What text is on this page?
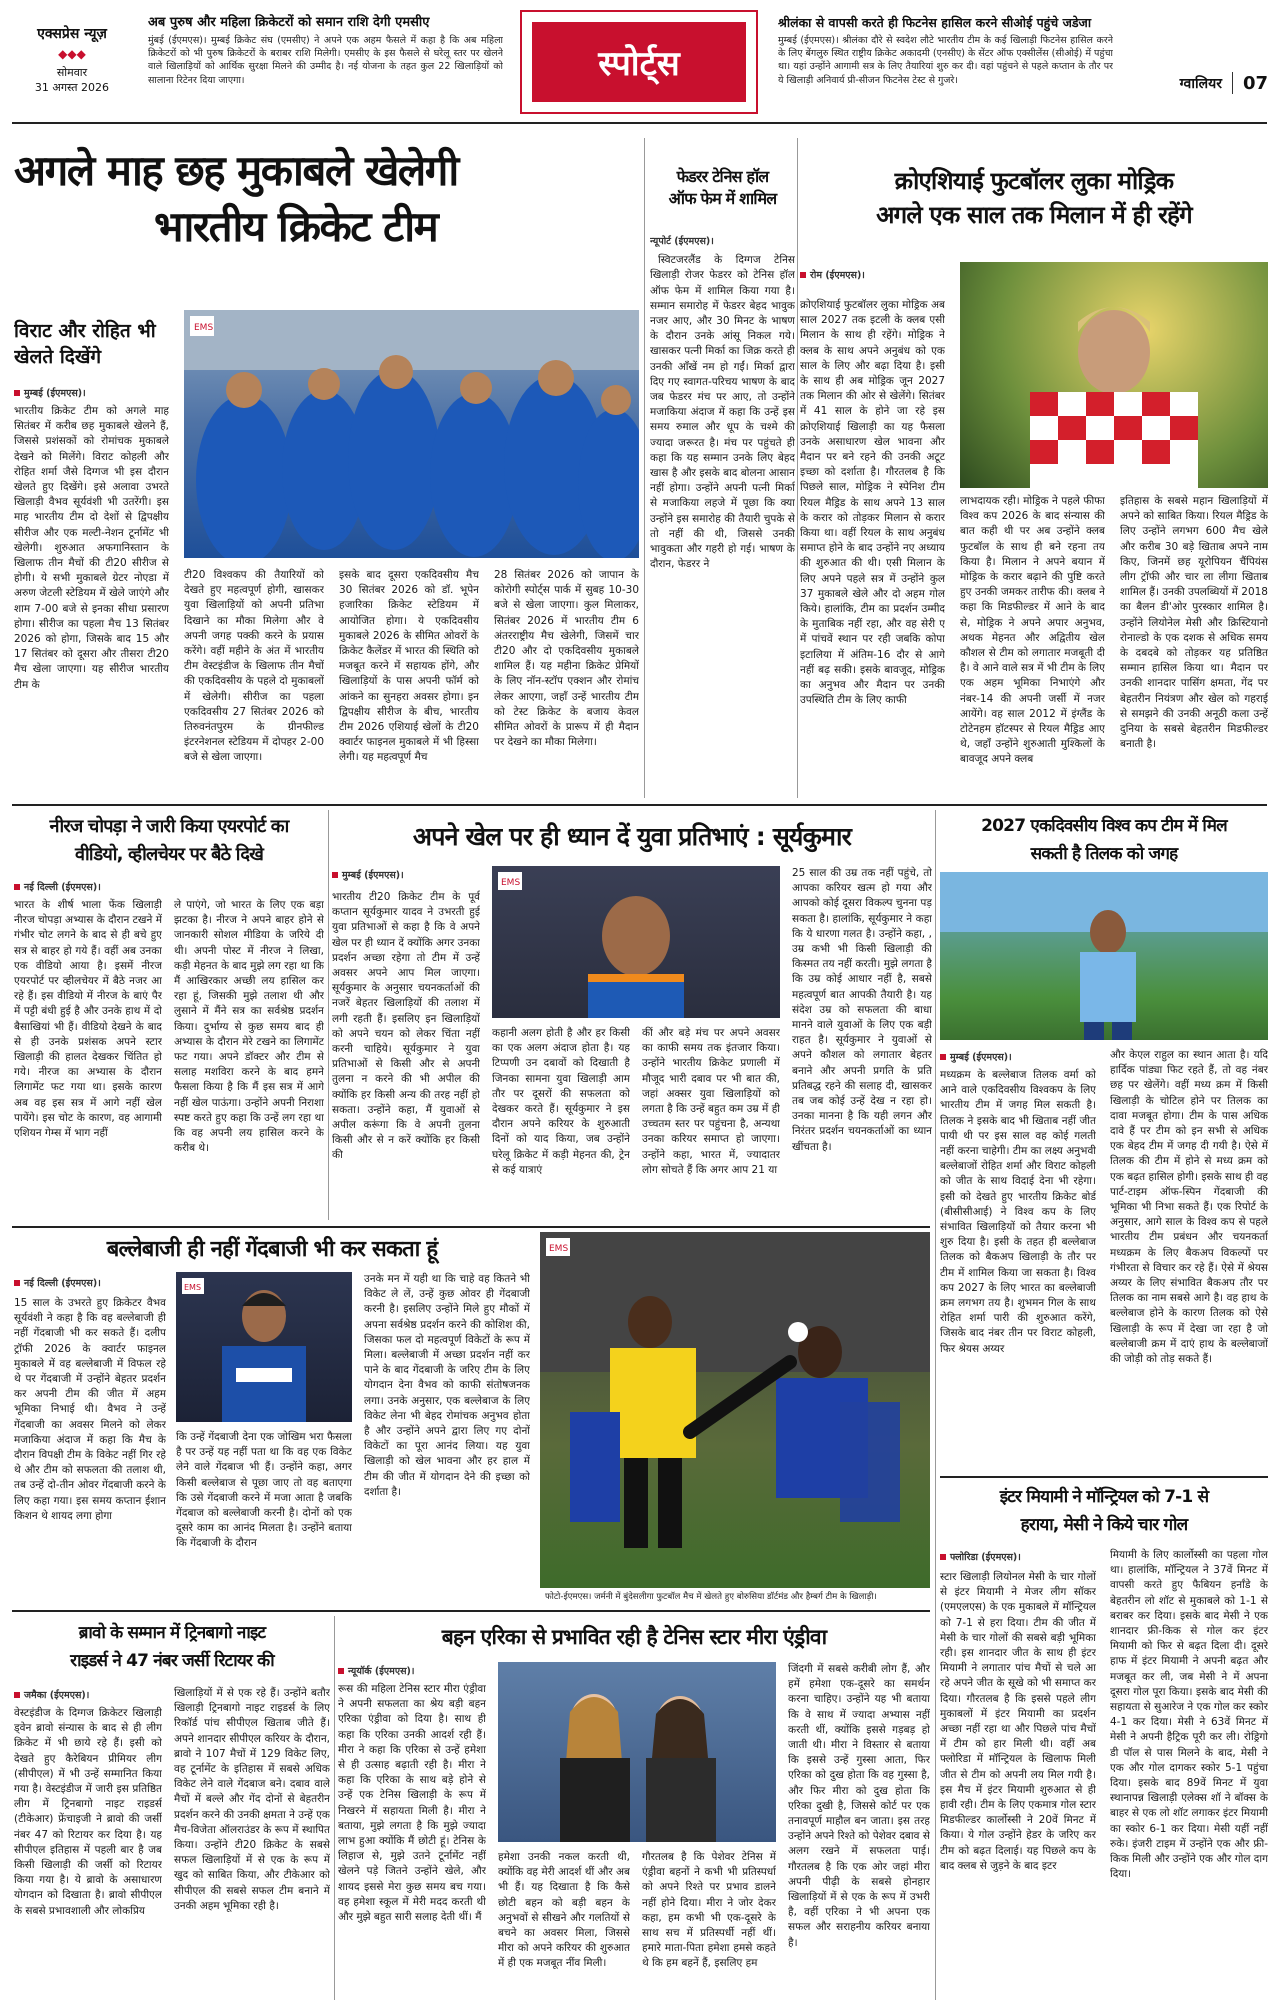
एक्सप्रेस न्यूज़
◆◆◆
सोमवार
31 अगस्त 2026
अब पुरुष और महिला क्रिकेटरों को समान राशि देगी एमसीए
मुंबई (ईएमएस)। मुम्बई क्रिकेट संघ (एमसीए) ने अपने एक अहम फैसले में कहा है कि अब महिला क्रिकेटरों को भी पुरुष क्रिकेटरों के बराबर राशि मिलेगी। एमसीए के इस फैसले से घरेलू स्तर पर खेलने वाले खिलाड़ियों को आर्थिक सुरक्षा मिलने की उम्मीद है। नई योजना के तहत कुल 22 खिलाड़ियों को सालाना रिटेनर दिया जाएगा।	स्पोर्ट्स
श्रीलंका से वापसी करते ही फिटनेस हासिल करने सीओई पहुंचे जडेजा
मुम्बई (ईएमएस)। श्रीलंका दौरे से स्वदेश लौटे भारतीय टीम के कई खिलाड़ी फिटनेस हासिल करने के लिए बेंगलुरु स्थित राष्ट्रीय क्रिकेट अकादमी (एनसीए) के सेंटर ऑफ एक्सीलेंस (सीओई) में पहुंचा था। यहां उन्होंने आगामी सत्र के लिए तैयारियां शुरु कर दी। वहां पहुंचने से पहले कप्तान के तौर पर ये खिलाड़ी अनिवार्य प्री-सीजन फिटनेस टेस्ट से गुजरे।	ग्वालियर 07
अगले माह छह मुकाबले खेलेगी
भारतीय क्रिकेट टीम
विराट और रोहित भी खेलते दिखेंगे
मुम्बई (ईएमएस)।
भारतीय क्रिकेट टीम को अगले माह सितंबर में करीब छह मुकाबले खेलने हैं, जिससे प्रशंसकों को रोमांचक मुकाबले देखने को मिलेंगे। विराट कोहली और रोहित शर्मा जैसे दिग्गज भी इस दौरान खेलते हुए दिखेंगे। इसे अलावा उभरते खिलाड़ी वैभव सूर्यवंशी भी उतरेंगी। इस माह भारतीय टीम दो देशों से द्विपक्षीय सीरीज और एक मल्टी-नेशन टूर्नामेंट भी खेलेगी। शुरुआत अफगानिस्तान के खिलाफ तीन मैचों की टी20 सीरीज से होगी। ये सभी मुकाबले ग्रेटर नोएडा में अरुण जेटली स्टेडियम में खेले जाएंगे और शाम 7-00 बजे से इनका सीधा प्रसारण होगा। सीरीज का पहला मैच 13 सितंबर 2026 को होगा, जिसके बाद 15 और 17 सितंबर को दूसरा और तीसरा टी20 मैच खेला जाएगा। यह सीरीज भारतीय टीम के
EMS
टी20 विश्वकप की तैयारियों को देखते हुए महत्वपूर्ण होगी, खासकर युवा खिलाड़ियों को अपनी प्रतिभा दिखाने का मौका मिलेगा और वे अपनी जगह पक्की करने के प्रयास करेंगे। वहीं महीने के अंत में भारतीय टीम वेस्टइंडीज के खिलाफ तीन मैचों की एकदिवसीय के पहले दो मुकाबलों में खेलेगी। सीरीज का पहला एकदिवसीय 27 सितंबर 2026 को तिरुवनंतपुरम के ग्रीनफील्ड इंटरनेशनल स्टेडियम में दोपहर 2-00 बजे से खेला जाएगा।
इसके बाद दूसरा एकदिवसीय मैच 30 सितंबर 2026 को डॉ. भूपेन हजारिका क्रिकेट स्टेडियम में आयोजित होगा। ये एकदिवसीय मुकाबले 2026 के सीमित ओवरों के क्रिकेट कैलेंडर में भारत की स्थिति को मजबूत करने में सहायक होंगे, और खिलाड़ियों के पास अपनी फॉर्म को आंकने का सुनहरा अवसर होगा। इन द्विपक्षीय सीरीज के बीच, भारतीय टीम 2026 एशियाई खेलों के टी20 क्वार्टर फाइनल मुकाबले में भी हिस्सा लेगी। यह महत्वपूर्ण मैच
28 सितंबर 2026 को जापान के कोरोगी स्पोर्ट्स पार्क में सुबह 10-30 बजे से खेला जाएगा। कुल मिलाकर, सितंबर 2026 में भारतीय टीम 6 अंतरराष्ट्रीय मैच खेलेगी, जिसमें चार टी20 और दो एकदिवसीय मुकाबले शामिल हैं। यह महीना क्रिकेट प्रेमियों के लिए नॉन-स्टॉप एक्शन और रोमांच लेकर आएगा, जहाँ उन्हें भारतीय टीम को टेस्ट क्रिकेट के बजाय केवल सीमित ओवरों के प्रारूप में ही मैदान पर देखने का मौका मिलेगा।
फेडरर टेनिस हॉल
ऑफ फेम में शामिल
न्यूपोर्ट (ईएमएस)।

स्विटजरलैंड के दिग्गज टेनिस खिलाड़ी रोजर फेडरर को टेनिस हॉल ऑफ फेम में शामिल किया गया है। सम्मान समारोह में फेडरर बेहद भावुक नजर आए, और 30 मिनट के भाषण के दौरान उनके आंसू निकल गये। खासकर पत्नी मिर्का का जिक्र करते ही उनकी आँखें नम हो गईं। मिर्का द्वारा दिए गए स्वागत-परिचय भाषण के बाद जब फेडरर मंच पर आए, तो उन्होंने मजाकिया अंदाज में कहा कि उन्हें इस समय रुमाल और धूप के चश्मे की ज्यादा जरूरत है। मंच पर पहुंचते ही कहा कि यह सम्मान उनके लिए बेहद खास है और इसके बाद बोलना आसान नहीं होगा। उन्होंने अपनी पत्नी मिर्का से मजाकिया लहजे में पूछा कि क्या उन्होंने इस समारोह की तैयारी चुपके से तो नहीं की थी, जिससे उनकी भावुकता और गहरी हो गई। भाषण के दौरान, फेडरर ने

क्रोएशियाई फुटबॉलर लुका मोड्रिक
अगले एक साल तक मिलान में ही रहेंगे
रोम (ईएमएस)।
क्रोएशियाई फुटबॉलर लुका मोड्रिक अब साल 2027 तक इटली के क्लब एसी मिलान के साथ ही रहेंगे। मोड्रिक ने क्लब के साथ अपने अनुबंध को एक साल के लिए और बढ़ा दिया है। इसी के साथ ही अब मोड्रिक जून 2027 तक मिलान की ओर से खेलेंगे। सितंबर में 41 साल के होने जा रहे इस क्रोएशियाई खिलाड़ी का यह फैसला उनके असाधारण खेल भावना और मैदान पर बने रहने की उनकी अटूट इच्छा को दर्शाता है। गौरतलब है कि पिछले साल, मोड्रिक ने स्पेनिश टीम रियल मैड्रिड के साथ अपने 13 साल के करार को तोड़कर मिलान से करार किया था। वहीं रियल के साथ अनुबंध समाप्त होने के बाद उन्होंने नए अध्याय की शुरुआत की थी। एसी मिलान के लिए अपने पहले सत्र में उन्होंने कुल 37 मुकाबले खेले और दो अहम गोल किये। हालांकि, टीम का प्रदर्शन उम्मीद के मुताबिक नहीं रहा, और वह सेरी ए में पांचवें स्थान पर रही जबकि कोपा इटालिया में अंतिम-16 दौर से आगे नहीं बढ़ सकी। इसके बावजूद, मोड्रिक का अनुभव और मैदान पर उनकी उपस्थिति टीम के लिए काफी
लाभदायक रही। मोड्रिक ने पहले फीफा विश्व कप 2026 के बाद संन्यास की बात कही थी पर अब उन्होंने क्लब फुटबॉल के साथ ही बने रहना तय किया है। मिलान ने अपने बयान में मोड्रिक के करार बढ़ाने की पुष्टि करते हुए उनकी जमकर तारीफ की। क्लब ने कहा कि मिडफील्डर में आने के बाद से, मोड्रिक ने अपने अपार अनुभव, अथक मेहनत और अद्वितीय खेल कौशल से टीम को लगातार मजबूती दी है। वे आने वाले सत्र में भी टीम के लिए एक अहम भूमिका निभाएंगे और नंबर-14 की अपनी जर्सी में नजर आयेंगे। वह साल 2012 में इंग्लैंड के टोटेनहम हॉटस्पर से रियल मैड्रिड आए थे, जहाँ उन्होंने शुरुआती मुश्किलों के बावजूद अपने क्लब
इतिहास के सबसे महान खिलाड़ियों में अपने को साबित किया। रियल मैड्रिड के लिए उन्होंने लगभग 600 मैच खेले और करीब 30 बड़े खिताब अपने नाम किए, जिनमें छह यूरोपियन चैंपियंस लीग ट्रॉफी और चार ला लीगा खिताब शामिल हैं। उनकी उपलब्धियों में 2018 का बैलन डी'ओर पुरस्कार शामिल है। उन्होंने लियोनेल मेसी और क्रिस्टियानो रोनाल्डो के एक दशक से अधिक समय के दबदबे को तोड़कर यह प्रतिष्ठित सम्मान हासिल किया था। मैदान पर उनकी शानदार पासिंग क्षमता, गेंद पर बेहतरीन नियंत्रण और खेल को गहराई से समझने की उनकी अनूठी कला उन्हें दुनिया के सबसे बेहतरीन मिडफील्डर बनाती है।
नीरज चोपड़ा ने जारी किया एयरपोर्ट का
वीडियो, व्हीलचेयर पर बैठे दिखे
नई दिल्ली (ईएमएस)।
भारत के शीर्ष भाला फेंक खिलाड़ी नीरज चोपड़ा अभ्यास के दौरान टखने में गंभीर चोट लगने के बाद से ही बचे हुए सत्र से बाहर हो गये हैं। वहीं अब उनका एक वीडियो आया है। इसमें नीरज एयरपोर्ट पर व्हीलचेयर में बैठे नजर आ रहे हैं। इस वीडियो में नीरज के बाएं पैर में पट्टी बंधी हुई है और उनके हाथ में दो बैसाखियां भी हैं। वीडियो देखने के बाद से ही उनके प्रशंसक अपने स्टार खिलाड़ी की हालत देखकर चिंतित हो गये। नीरज का अभ्यास के दौरान लिगामेंट फट गया था। इसके कारण अब वह इस सत्र में आगे नहीं खेल पायेंगे। इस चोट के कारण, वह आगामी एशियन गेम्स में भाग नहीं
ले पाएंगे, जो भारत के लिए एक बड़ा झटका है। नीरज ने अपने बाहर होने से जानकारी सोशल मीडिया के जरिये दी थी। अपनी पोस्ट में नीरज ने लिखा, कड़ी मेहनत के बाद मुझे लग रहा था कि मैं आखिरकार अच्छी लय हासिल कर रहा हूं, जिसकी मुझे तलाश थी और लुसाने में मैंने सत्र का सर्वश्रेष्ठ प्रदर्शन किया। दुर्भाग्य से कुछ समय बाद ही अभ्यास के दौरान मेरे टखने का लिगामेंट फट गया। अपने डॉक्टर और टीम से सलाह मशविरा करने के बाद हमने फैसला किया है कि मैं इस सत्र में आगे नहीं खेल पाऊंगा। उन्होंने अपनी निराशा स्पष्ट करते हुए कहा कि उन्हें लग रहा था कि वह अपनी लय हासिल करने के करीब थे।
अपने खेल पर ही ध्यान दें युवा प्रतिभाएं : सूर्यकुमार
मुम्बई (ईएमएस)।
भारतीय टी20 क्रिकेट टीम के पूर्व कप्तान सूर्यकुमार यादव ने उभरती हुई युवा प्रतिभाओं से कहा है कि वे अपने खेल पर ही ध्यान दें क्योंकि अगर उनका प्रदर्शन अच्छा रहेगा तो टीम में उन्हें अवसर अपने आप मिल जाएगा। सूर्यकुमार के अनुसार चयनकर्ताओं की नजरें बेहतर खिलाड़ियों की तलाश में लगी रहती हैं। इसलिए इन खिलाड़ियों को अपने चयन को लेकर चिंता नहीं करनी चाहिये। सूर्यकुमार ने युवा प्रतिभाओं से किसी और से अपनी तुलना न करने की भी अपील की क्योंकि हर किसी अन्य की तरह नहीं हो सकता। उन्होंने कहा, मैं युवाओं से अपील करूंगा कि वे अपनी तुलना किसी और से न करें क्योंकि हर किसी की
EMS
कहानी अलग होती है और हर किसी का एक अलग अंदाज होता है। यह टिप्पणी उन दबावों को दिखाती है जिनका सामना युवा खिलाड़ी आम तौर पर दूसरों की सफलता को देखकर करते हैं। सूर्यकुमार ने इस दौरान अपने करियर के शुरुआती दिनों को याद किया, जब उन्होंने घरेलू क्रिकेट में कड़ी मेहनत की, ट्रेन से कई यात्राएं
कीं और बड़े मंच पर अपने अवसर का काफी समय तक इंतजार किया। उन्होंने भारतीय क्रिकेट प्रणाली में मौजूद भारी दबाव पर भी बात की, जहां अक्सर युवा खिलाड़ियों को लगता है कि उन्हें बहुत कम उम्र में ही उच्चतम स्तर पर पहुंचना है, अन्यथा उनका करियर समाप्त हो जाएगा। उन्होंने कहा, भारत में, ज्यादातर लोग सोचते हैं कि अगर आप 21 या
25 साल की उम्र तक नहीं पहुंचे, तो आपका करियर खत्म हो गया और आपको कोई दूसरा विकल्प चुनना पड़ सकता है। हालांकि, सूर्यकुमार ने कहा कि ये धारणा गलत है। उन्होंने कहा, , उम्र कभी भी किसी खिलाड़ी की किस्मत तय नहीं करती। मुझे लगता है कि उम्र कोई आधार नहीं है, सबसे महत्वपूर्ण बात आपकी तैयारी है। यह संदेश उम्र को सफलता की बाधा मानने वाले युवाओं के लिए एक बड़ी राहत है। सूर्यकुमार ने युवाओं से अपने कौशल को लगातार बेहतर बनाने और अपनी प्रगति के प्रति प्रतिबद्ध रहने की सलाह दी, खासकर तब जब कोई उन्हें देख न रहा हो। उनका मानना है कि यही लगन और निरंतर प्रदर्शन चयनकर्ताओं का ध्यान खींचता है।
2027 एकदिवसीय विश्व कप टीम में मिल
सकती है तिलक को जगह
मुम्बई (ईएमएस)।
मध्यक्रम के बल्लेबाज तिलक वर्मा को आने वाले एकदिवसीय विश्वकप के लिए भारतीय टीम में जगह मिल सकती है। तिलक ने इसके बाद भी खिताब नहीं जीत पायी थी पर इस साल वह कोई गलती नहीं करना चाहेगी। टीम का लक्ष्य अनुभवी बल्लेबाजों रोहित शर्मा और विराट कोहली को जीत के साथ विदाई देना भी रहेगा। इसी को देखते हुए भारतीय क्रिकेट बोर्ड (बीसीसीआई) ने विश्व कप के लिए संभावित खिलाड़ियों को तैयार करना भी शुरु दिया है। इसी के तहत ही बल्लेबाज तिलक को बैकअप खिलाड़ी के तौर पर टीम में शामिल किया जा सकता है। विश्व कप 2027 के लिए भारत का बल्लेबाजी क्रम लगभग तय है। शुभमन गिल के साथ रोहित शर्मा पारी की शुरुआत करेंगे, जिसके बाद नंबर तीन पर विराट कोहली, फिर श्रेयस अय्यर
और केएल राहुल का स्थान आता है। यदि हार्दिक पांड्या फिट रहते हैं, तो वह नंबर छह पर खेलेंगे। वहीं मध्य क्रम में किसी खिलाड़ी के चोटिल होने पर तिलक का दावा मजबूत होगा। टीम के पास अधिक दावे हैं पर टीम को इन सभी से अधिक एक बेहद टीम में जगह दी गयी है। ऐसे में तिलक की टीम में होने से मध्य क्रम को एक बढ़त हासिल होगी। इसके साथ ही वह पार्ट-टाइम ऑफ-स्पिन गेंदबाजी की भूमिका भी निभा सकते हैं। एक रिपोर्ट के अनुसार, आगे साल के विश्व कप से पहले भारतीय टीम प्रबंधन और चयनकर्ता मध्यक्रम के लिए बैकअप विकल्पों पर गंभीरता से विचार कर रहे हैं। ऐसे में श्रेयस अय्यर के लिए संभावित बैकअप तौर पर तिलक का नाम सबसे आगे है। वह हाथ के बल्लेबाज होने के कारण तिलक को ऐसे खिलाड़ी के रूप में देखा जा रहा है जो बल्लेबाजी क्रम में दाएं हाथ के बल्लेबाजों की जोड़ी को तोड़ सकते हैं।
बल्लेबाजी ही नहीं गेंदबाजी भी कर सकता हूं
नई दिल्ली (ईएमएस)।
15 साल के उभरते हुए क्रिकेटर वैभव सूर्यवंशी ने कहा है कि वह बल्लेबाजी ही नहीं गेंदबाजी भी कर सकते हैं। दलीप ट्रॉफी 2026 के क्वार्टर फाइनल मुकाबले में वह बल्लेबाजी में विफल रहे थे पर गेंदबाजी में उन्होंने बेहतर प्रदर्शन कर अपनी टीम की जीत में अहम भूमिका निभाई थी। वैभव ने उन्हें गेंदबाजी का अवसर मिलने को लेकर मजाकिया अंदाज में कहा कि मैच के दौरान विपक्षी टीम के विकेट नहीं गिर रहे थे और टीम को सफलता की तलाश थी, तब उन्हें दो-तीन ओवर गेंदबाजी करने के लिए कहा गया। इस समय कप्तान ईशान किशन थे शायद लगा होगा
EMS
कि उन्हें गेंदबाजी देना एक जोखिम भरा फैसला है पर उन्हें यह नहीं पता था कि वह एक विकेट लेने वाले गेंदबाज भी हैं। उन्होंने कहा, अगर किसी बल्लेबाज से पूछा जाए तो वह बताएगा कि उसे गेंदबाजी करने में मजा आता है जबकि गेंदबाज को बल्लेबाजी करनी है। दोनों को एक दूसरे काम का आनंद मिलता है। उन्होंने बताया कि गेंदबाजी के दौरान
उनके मन में यही था कि चाहे वह कितने भी विकेट ले लें, उन्हें कुछ ओवर ही गेंदबाजी करनी है। इसलिए उन्होंने मिले हुए मौकों में अपना सर्वश्रेष्ठ प्रदर्शन करने की कोशिश की, जिसका फल दो महत्वपूर्ण विकेटों के रूप में मिला। बल्लेबाजी में अच्छा प्रदर्शन नहीं कर पाने के बाद गेंदबाजी के जरिए टीम के लिए योगदान देना वैभव को काफी संतोषजनक लगा। उनके अनुसार, एक बल्लेबाज के लिए विकेट लेना भी बेहद रोमांचक अनुभव होता है और उन्होंने अपने द्वारा लिए गए दोनों विकेटों का पूरा आनंद लिया। यह युवा खिलाड़ी को खेल भावना और हर हाल में टीम की जीत में योगदान देने की इच्छा को दर्शाता है।
EMS
फोटो-ईएमएस। जर्मनी में बुंदेसलीगा फुटबॉल मैच में खेलते हुए बोरुसिया डॉर्टमंड और हैम्बर्ग टीम के खिलाड़ी।
ब्रावो के सम्मान में ट्रिनबागो नाइट
राइडर्स ने 47 नंबर जर्सी रिटायर की
जमैका (ईएमएस)।
वेस्टइंडीज के दिग्गज क्रिकेटर खिलाड़ी ड्वेन ब्रावो संन्यास के बाद से ही लीग क्रिकेट में भी छाये रहे हैं। इसी को देखते हुए कैरेबियन प्रीमियर लीग (सीपीएल) में भी उन्हें सम्मानित किया गया है। वेस्टइंडीज में जारी इस प्रतिष्ठित लीग में ट्रिनबागो नाइट राइडर्स (टीकेआर) फ्रेंचाइजी ने ब्रावो की जर्सी नंबर 47 को रिटायर कर दिया है। यह सीपीएल इतिहास में पहली बार है जब किसी खिलाड़ी की जर्सी को रिटायर किया गया है। ये ब्रावो के असाधारण योगदान को दिखाता है। ब्रावो सीपीएल के सबसे प्रभावशाली और लोकप्रिय
खिलाड़ियों में से एक रहे हैं। उन्होंने बतौर खिलाड़ी ट्रिनबागो नाइट राइडर्स के लिए रिकॉर्ड पांच सीपीएल खिताब जीते हैं। अपने शानदार सीपीएल करियर के दौरान, ब्रावो ने 107 मैचों में 129 विकेट लिए, वह टूर्नामेंट के इतिहास में सबसे अधिक विकेट लेने वाले गेंदबाज बने। दबाव वाले मैचों में बल्ले और गेंद दोनों से बेहतरीन प्रदर्शन करने की उनकी क्षमता ने उन्हें एक मैच-विजेता ऑलराउंडर के रूप में स्थापित किया। उन्होंने टी20 क्रिकेट के सबसे सफल खिलाड़ियों में से एक के रूप में खुद को साबित किया, और टीकेआर को सीपीएल की सबसे सफल टीम बनाने में उनकी अहम भूमिका रही है।
बहन एरिका से प्रभावित रही है टेनिस स्टार मीरा एंड्रीवा
न्यूयॉर्क (ईएमएस)।
रूस की महिला टेनिस स्टार मीरा एंड्रीवा ने अपनी सफलता का श्रेय बड़ी बहन एरिका एंड्रीवा को दिया है। साथ ही कहा कि एरिका उनकी आदर्श रही हैं। मीरा ने कहा कि एरिका से उन्हें हमेशा से ही उत्साह बढ़ाती रही है। मीरा ने कहा कि एरिका के साथ बड़े होने से उन्हें एक टेनिस खिलाड़ी के रूप में निखरने में सहायता मिली है। मीरा ने बताया, मुझे लगता है कि मुझे ज्यादा लाभ हुआ क्योंकि मैं छोटी हूं। टेनिस के लिहाज से, मुझे उतने टूर्नामेंट नहीं खेलने पड़े जितने उन्होंने खेले, और शायद इससे मेरा कुछ समय बच गया। वह हमेशा स्कूल में मेरी मदद करती थी और मुझे बहुत सारी सलाह देती थीं। मैं
हमेशा उनकी नकल करती थी, क्योंकि वह मेरी आदर्श थीं और अब भी हैं। यह दिखाता है कि कैसे छोटी बहन को बड़ी बहन के अनुभवों से सीखने और गलतियों से बचने का अवसर मिला, जिससे मीरा को अपने करियर की शुरुआत में ही एक मजबूत नींव मिली।
गौरतलब है कि पेशेवर टेनिस में एंड्रीवा बहनों ने कभी भी प्रतिस्पर्धा को अपने रिश्ते पर प्रभाव डालने नहीं होने दिया। मीरा ने जोर देकर कहा, हम कभी भी एक-दूसरे के साथ सच में प्रतिस्पर्धी नहीं थीं। हमारे माता-पिता हमेशा हमसे कहते थे कि हम बहनें हैं, इसलिए हम
जिंदगी में सबसे करीबी लोग हैं, और हमें हमेशा एक-दूसरे का समर्थन करना चाहिए। उन्होंने यह भी बताया कि वे साथ में ज्यादा अभ्यास नहीं करती थीं, क्योंकि इससे गड़बड़ हो जाती थी। मीरा ने विस्तार से बताया कि इससे उन्हें गुस्सा आता, फिर एरिका को दुख होता कि वह गुस्सा है, और फिर मीरा को दुख होता कि एरिका दुखी है, जिससे कोर्ट पर एक तनावपूर्ण माहौल बन जाता। इस तरह उन्होंने अपने रिश्ते को पेशेवर दबाव से अलग रखने में सफलता पाई। गौरतलब है कि एक ओर जहां मीरा अपनी पीढ़ी के सबसे होनहार खिलाड़ियों में से एक के रूप में उभरी है, वहीं एरिका ने भी अपना एक सफल और सराहनीय करियर बनाया है।
इंटर मियामी ने मॉन्ट्रियल को 7-1 से
हराया, मेसी ने किये चार गोल
फ्लोरिडा (ईएमएस)।
स्टार खिलाड़ी लियोनल मेसी के चार गोलों से इंटर मियामी ने मेजर लीग सॉकर (एमएलएस) के एक मुकाबले में मॉन्ट्रियल को 7-1 से हरा दिया। टीम की जीत में मेसी के चार गोलों की सबसे बड़ी भूमिका रही। इस शानदार जीत के साथ ही इंटर मियामी ने लगातार पांच मैचों से चले आ रहे अपने जीत के सूखे को भी समाप्त कर दिया। गौरतलब है कि इससे पहले लीग मुकाबलों में इंटर मियामी का प्रदर्शन अच्छा नहीं रहा था और पिछले पांच मैचों में टीम को हार मिली थी। वहीं अब फ्लोरिडा में मॉन्ट्रियल के खिलाफ मिली जीत से टीम को अपनी लय मिल गयी है। इस मैच में इंटर मियामी शुरुआत से ही हावी रही। टीम के लिए एकमात्र गोल स्टार मिडफील्डर कार्लोस्सी ने 20वें मिनट में किया। ये गोल उन्होंने हेडर के जरिए कर टीम को बढ़त दिलाई। यह पिछले कप के बाद क्लब से जुड़ने के बाद इटर
मियामी के लिए कार्लोस्सी का पहला गोल था। हालांकि, मॉन्ट्रियल ने 37वें मिनट में वापसी करते हुए फैबियन हर्नांडे के बेहतरीन लो शॉट से मुकाबले को 1-1 से बराबर कर दिया। इसके बाद मेसी ने एक शानदार फ्री-किक से गोल कर इंटर मियामी को फिर से बढ़त दिला दी। दूसरे हाफ में इंटर मियामी ने अपनी बढ़त और मजबूत कर ली, जब मेसी ने में अपना दूसरा गोल पूरा किया। इसके बाद मेसी की सहायता से सुआरेज ने एक गोल कर स्कोर 4-1 कर दिया। मेसी ने 63वें मिनट में मेसी ने अपनी हैट्रिक पूरी कर ली। रोड्रिगो डी पॉल से पास मिलने के बाद, मेसी ने एक और गोल दागकर स्कोर 5-1 पहुंचा दिया। इसके बाद 89वें मिनट में युवा स्थानापन्न खिलाड़ी एलेक्स शॉ ने बॉक्स के बाहर से एक लो शॉट लगाकर इंटर मियामी का स्कोर 6-1 कर दिया। मेसी यहीं नहीं रुके। इंजरी टाइम में उन्होंने एक और फ्री-किक मिली और उन्होंने एक और गोल दाग दिया।
